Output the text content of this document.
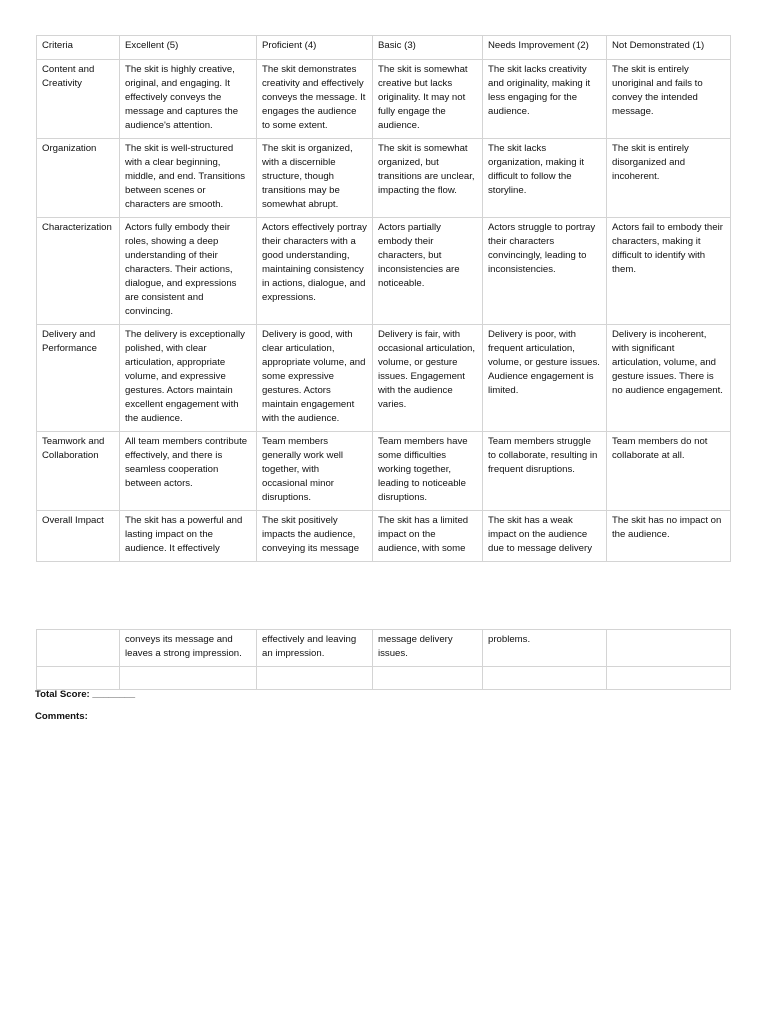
Criteria	Excellent (5)	Proficient (4)	Basic (3)	Needs Improvement (2)	Not Demonstrated (1)
Content and Creativity	The skit is highly creative, original, and engaging. It effectively conveys the message and captures the audience's attention.	The skit demonstrates creativity and effectively conveys the message. It engages the audience to some extent.	The skit is somewhat creative but lacks originality. It may not fully engage the audience.	The skit lacks creativity and originality, making it less engaging for the audience.	The skit is entirely unoriginal and fails to convey the intended message.
Organization	The skit is well-structured with a clear beginning, middle, and end. Transitions between scenes or characters are smooth.	The skit is organized, with a discernible structure, though transitions may be somewhat abrupt.	The skit is somewhat organized, but transitions are unclear, impacting the flow.	The skit lacks organization, making it difficult to follow the storyline.	The skit is entirely disorganized and incoherent.
Characterization	Actors fully embody their roles, showing a deep understanding of their characters. Their actions, dialogue, and expressions are consistent and convincing.	Actors effectively portray their characters with a good understanding, maintaining consistency in actions, dialogue, and expressions.	Actors partially embody their characters, but inconsistencies are noticeable.	Actors struggle to portray their characters convincingly, leading to inconsistencies.	Actors fail to embody their characters, making it difficult to identify with them.
Delivery and Performance	The delivery is exceptionally polished, with clear articulation, appropriate volume, and expressive gestures. Actors maintain excellent engagement with the audience.	Delivery is good, with clear articulation, appropriate volume, and some expressive gestures. Actors maintain engagement with the audience.	Delivery is fair, with occasional articulation, volume, or gesture issues. Engagement with the audience varies.	Delivery is poor, with frequent articulation, volume, or gesture issues. Audience engagement is limited.	Delivery is incoherent, with significant articulation, volume, and gesture issues. There is no audience engagement.
Teamwork and Collaboration	All team members contribute effectively, and there is seamless cooperation between actors.	Team members generally work well together, with occasional minor disruptions.	Team members have some difficulties working together, leading to noticeable disruptions.	Team members struggle to collaborate, resulting in frequent disruptions.	Team members do not collaborate at all.
Overall Impact	The skit has a powerful and lasting impact on the audience. It effectively	The skit positively impacts the audience, conveying its message	The skit has a limited impact on the audience, with some	The skit has a weak impact on the audience due to message delivery	The skit has no impact on the audience.
	conveys its message and leaves a strong impression.	effectively and leaving an impression.	message delivery issues.	problems.	

Total Score: ________
Comments:
